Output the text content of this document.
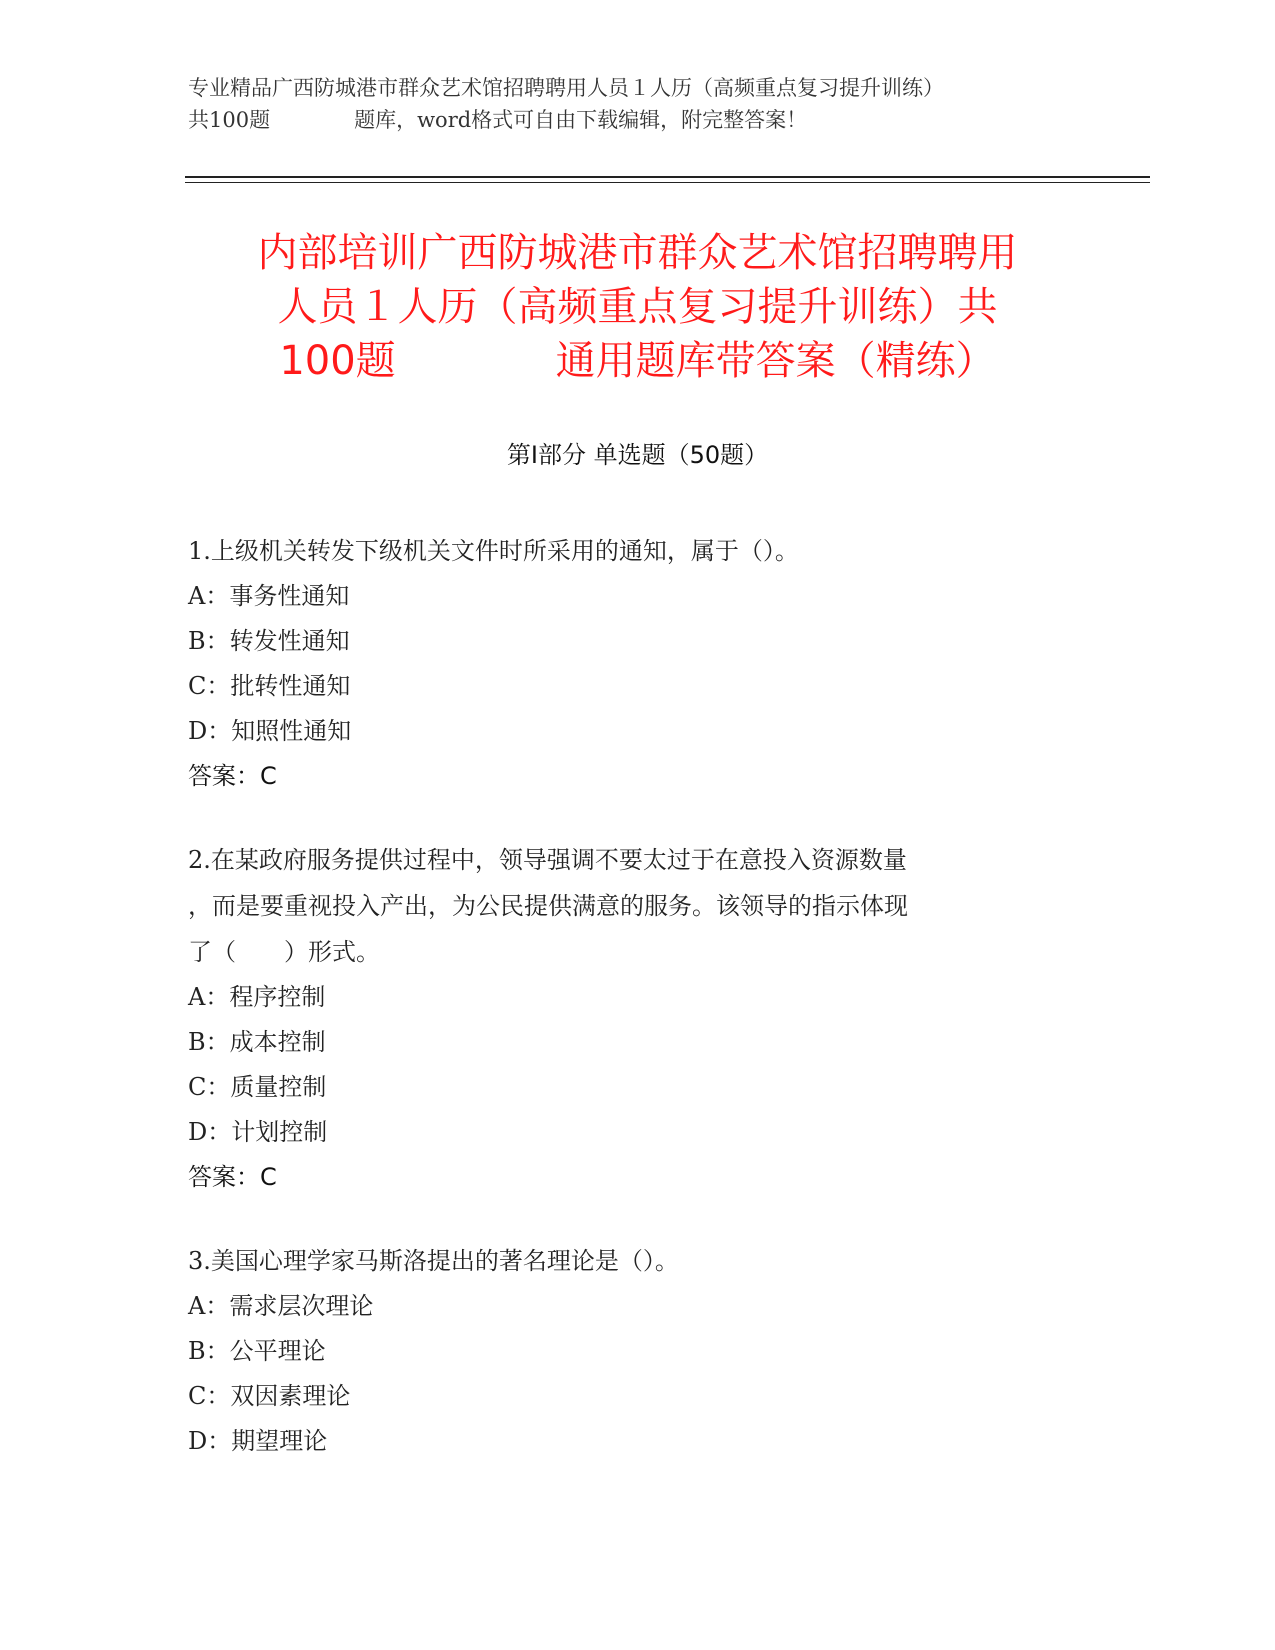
专业精品广西防城港市群众艺术馆招聘聘用人员１人历（高频重点复习提升训练）
共100题　　　　题库，word格式可自由下载编辑，附完整答案！
内部培训广西防城港市群众艺术馆招聘聘用
人员１人历（高频重点复习提升训练）共
100题　　　　通用题库带答案（精练）
第Ⅰ部分 单选题（50题）
1.上级机关转发下级机关文件时所采用的通知，属于（）。
A：事务性通知
B：转发性通知
C：批转性通知
D：知照性通知
答案：C
2.在某政府服务提供过程中，领导强调不要太过于在意投入资源数量
，而是要重视投入产出，为公民提供满意的服务。该领导的指示体现
了（　　）形式。
A：程序控制
B：成本控制
C：质量控制
D：计划控制
答案：C
3.美国心理学家马斯洛提出的著名理论是（）。
A：需求层次理论
B：公平理论
C：双因素理论
D：期望理论
